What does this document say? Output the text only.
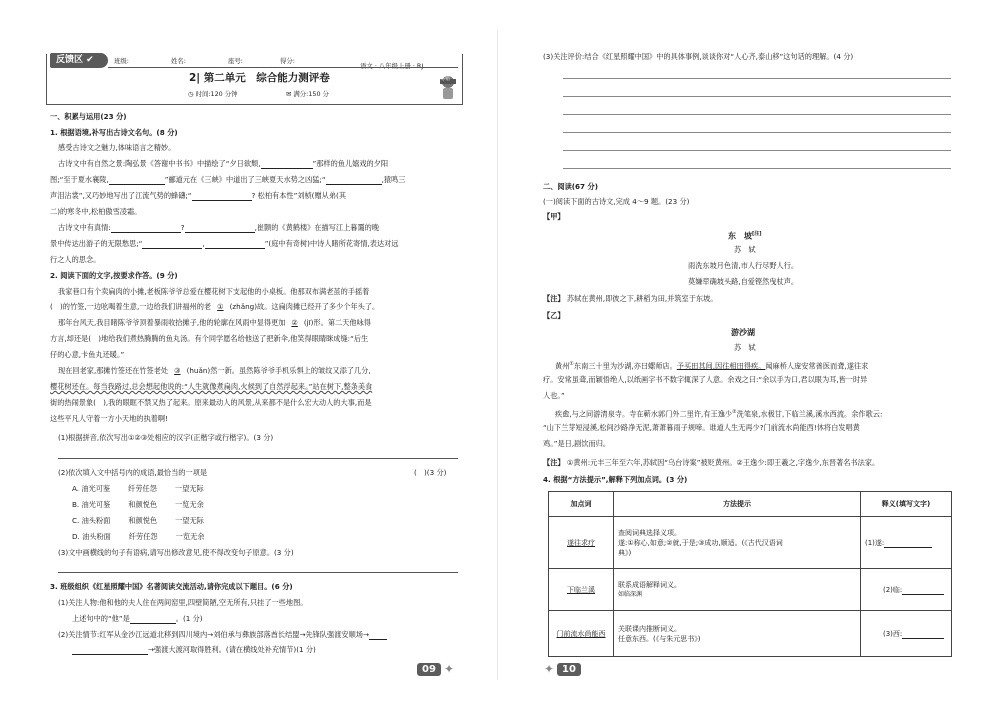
反馈区 ✔	班级:	姓名:	座号:	得分:
语文 · 八年级上册 · RJ
2| 第二单元　综合能力测评卷
◷ 时间:120 分钟	✉ 满分:150 分
易错
一、积累与运用(23 分)
1. 根据语境,补写出古诗文名句。(8 分)
感受古诗文之魅力,体味语言之精妙。
古诗文中有自然之景:陶弘景《答谢中书书》中描绘了“夕日欲颓,	”那样的鱼儿嬉戏的夕阳
图;“至于夏水襄陵,	”郦道元在《三峡》中道出了三峡夏天水势之凶猛;“	,猿鸣三
声泪沾裳”,又巧妙地写出了江流气势的蜂礴;“	? 松柏有本性”刘桢(赠从弟(其
二)的寒冬中,松柏傲雪凌霜。
古诗文中有真情:	?	,崔颢的《黄鹤楼》在描写江上暮霭的晚
景中传达出游子的无限愁思;“	,	”(庭中有奇树)中诗人睹所花寄情,表达对远
行之人的思念。
2. 阅读下面的文字,按要求作答。(9 分)
我家巷口有个卖扁肉的小摊,老板陈爷爷总爱在樱花树下支起他的小桌板。他那双布满老茧的手摇着
(　)的竹签,一边吆喝着生意,一边给我们讲福州的老 ① (zhǎng)故。这扁肉摊已经开了多少个年头了。
那年台风天,我目睹陈爷爷顶着暴雨收拾摊子,他的轮廓在风雨中显得更加 ② (jī)形。第二天他咏得
方言,却还是(　)地给我们煮热腾腾的鱼丸汤。有个同学愿名给他送了把新伞,他笑得眼睛眯成缝:“后生
仔的心意,卡鱼丸还暖。”
现在回老家,那摊竹签还在竹签老处 ③ (huǎn)然一新。虽然陈爷爷手机乐惧上的皱纹又添了几分,
樱花树还在。每当我路过,总会想起他说的:“人生就像煮扁肉,火候到了自然浮起来。”站在树下,整条美食
街的热闹景象(　),我的眼眶不禁又热了起来。原来最动人的风景,从来都不是什么宏大动人的大事,而是
这些平凡人守着一方小天地的执着啊!
(1)根据拼音,依次写出①②③处相应的汉字(正楷字或行楷字)。(3 分)
(2)依次填入文中括号内的成语,最恰当的一项是	(　)(3 分)
A. 油光可鉴	纤劳任怨	一望无际
B. 油光可鉴	和颜悦色	一览无余
C. 油头粉面	和颜悦色	一望无际
D. 油头粉面	纤劳任怨	一览无余
(3)文中画横线的句子有语病,请写出修改意见,使不得改变句子原意。(3 分)
3. 班级组织《红星照耀中国》名著阅读交流活动,请你完成以下题目。(6 分)
(1)关注人物:他和他的夫人住在两间窑里,四壁简陋,空无所有,只挂了一些地图。
上述句中的“他”是	。(1 分)
(2)关注情节:红军从金沙江远道北移到四川境内→刘伯承与彝族部落酋长结盟→先锋队强渡安顺场→
→强渡大渡河取得胜利。(请在横线处补充情节)(1 分)
09 ✦
(3)关注评价:结合《红星照耀中国》中的具体事例,谈谈你对“人心齐,泰山移”这句话的理解。(4 分)
二、阅读(67 分)
(一)阅读下面的古诗文,完成 4～9 题。(23 分)
【甲】
东　坡[注]
苏　轼
雨洗东坡月色清,市人行尽野人行。
莫嫌荦确坡头路,自爱铿然曳杖声。
【注】 苏轼在黄州,即彼之下,耕稻为田,并筑室于东坡。
【乙】
游沙湖
苏　轼
黄州①东南三十里为沙湖,亦曰螺师店。予买田其间,因往相田得疾。闻麻桥人庞安常善医而聋,遂往求
疗。安常虽聋,而颖悟绝人,以纸画字书不数字辄深了人意。余戏之曰:“余以手为口,君以眼为耳,皆一时异
人也。”
疾愈,与之同游清泉寺。寺在蕲水郭门外二里许,有王逸少②洗笔泉,水极甘,下临兰溪,溪水西流。余作歌云:
“山下兰芽短浸溪,松间沙路净无泥,萧萧暮雨子规啼。谁道人生无再少?门前流水尚能西!休将白发唱黄
鸡。”是日,剧饮而归。
【注】 ①黄州:元丰三年至六年,苏轼因“乌台诗案”被贬黄州。②王逸少:即王羲之,字逸少,东晋著名书法家。
4. 根据“方法提示”,解释下列加点词。(3 分)
10
✦
加点词	方法提示	释义(填写文字)
遂往求疗	查阅词典选择义项。
遂:①称心,如意;②就,于是;③成功,顺适。(《古代汉语词
典》)	(1)遂:
下临兰溪	联系成语解释词义。
如临深渊	(2)临:
门前流水尚能西	关联课内推断词义。
任意东西。(《与朱元思书》)	(3)西:
